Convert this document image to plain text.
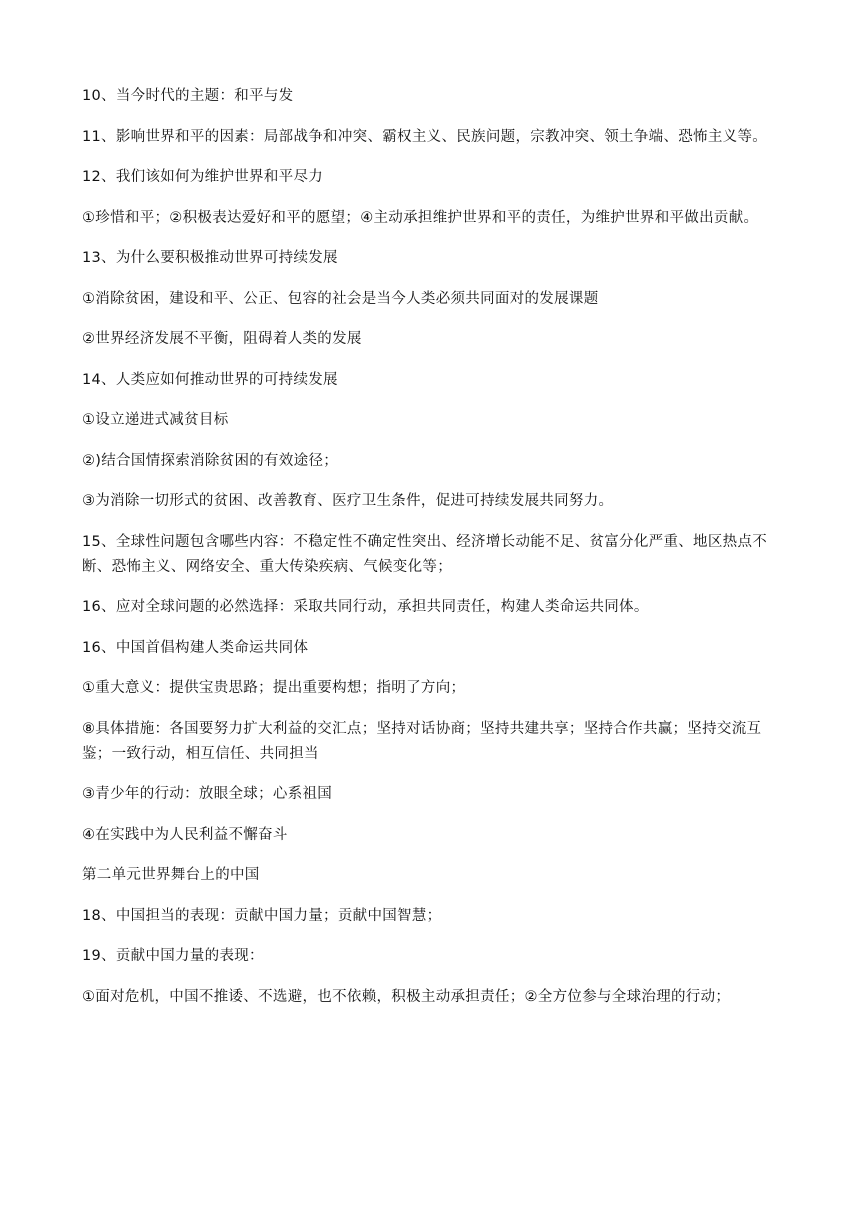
10、当今时代的主题：和平与发

11、影响世界和平的因素：局部战争和冲突、霸权主义、民族问题，宗教冲突、领土争端、恐怖主义等。

12、我们该如何为维护世界和平尽力

①珍惜和平；②积极表达爱好和平的愿望；④主动承担维护世界和平的责任，为维护世界和平做出贡献。

13、为什么要积极推动世界可持续发展

①消除贫困，建设和平、公正、包容的社会是当今人类必须共同面对的发展课题

②世界经济发展不平衡，阻碍着人类的发展

14、人类应如何推动世界的可持续发展

①设立递进式减贫目标

②)结合国情探索消除贫困的有效途径；

③为消除一切形式的贫困、改善教育、医疗卫生条件，促进可持续发展共同努力。

15、全球性问题包含哪些内容：不稳定性不确定性突出、经济增长动能不足、贫富分化严重、地区热点不断、恐怖主义、网络安全、重大传染疾病、气候变化等；

16、应对全球问题的必然选择：采取共同行动，承担共同责任，构建人类命运共同体。

16、中国首倡构建人类命运共同体

①重大意义：提供宝贵思路；提出重要构想；指明了方向；

⑧具体措施：各国要努力扩大利益的交汇点；坚持对话协商；坚持共建共享；坚持合作共赢；坚持交流互鉴；一致行动，相互信任、共同担当

③青少年的行动：放眼全球；心系祖国

④在实践中为人民利益不懈奋斗

第二单元世界舞台上的中国

18、中国担当的表现：贡献中国力量；贡献中国智慧；

19、贡献中国力量的表现：

①面对危机，中国不推诿、不选避，也不依赖，积极主动承担责任；②全方位参与全球治理的行动；
